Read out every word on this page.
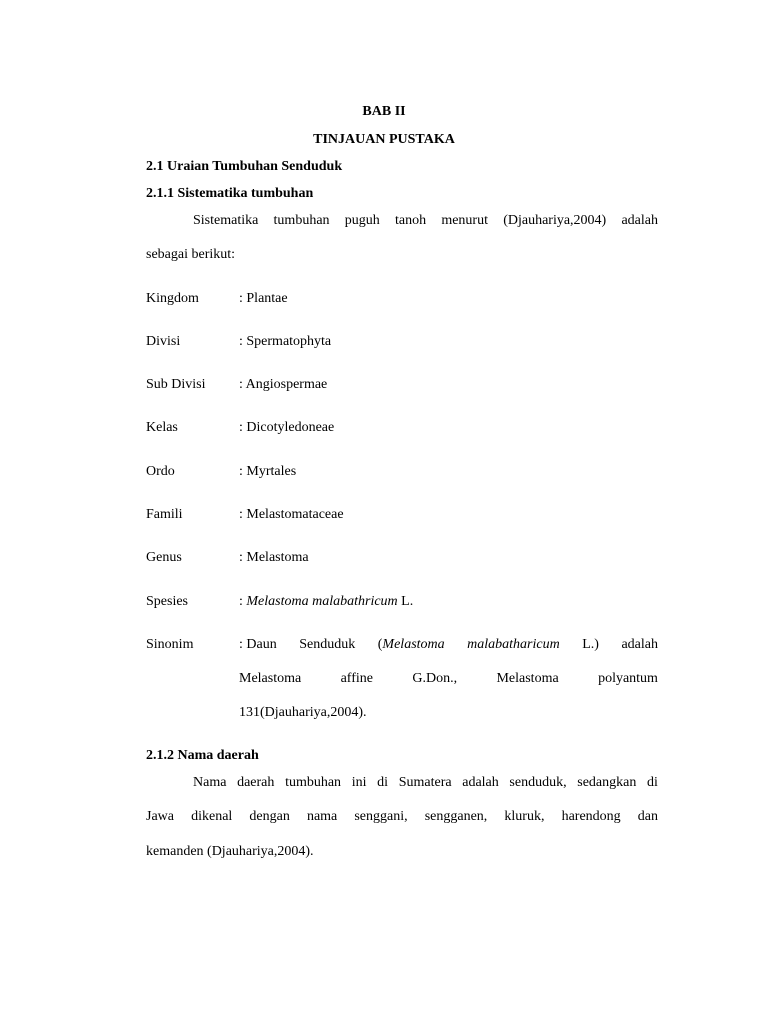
BAB II
TINJAUAN PUSTAKA
2.1 Uraian Tumbuhan Senduduk
2.1.1 Sistematika tumbuhan
Sistematika tumbuhan puguh tanoh menurut (Djauhariya,2004) adalah
sebagai berikut:
Kingdom	: Plantae
Divisi	: Spermatophyta
Sub Divisi : Angiospermae
Kelas	: Dicotyledoneae
Ordo	: Myrtales
Famili	: Melastomataceae
Genus	: Melastoma
Spesies	: Melastoma malabathricum L.
Sinonim	: Daun Senduduk (Melastoma malabatharicum L.) adalah
Melastoma	affine	G.Don.,	Melastoma	polyantum
131(Djauhariya,2004).
2.1.2 Nama daerah
Nama daerah tumbuhan ini di Sumatera adalah senduduk, sedangkan di
Jawa dikenal dengan nama senggani, sengganen, kluruk, harendong dan
kemanden (Djauhariya,2004).
